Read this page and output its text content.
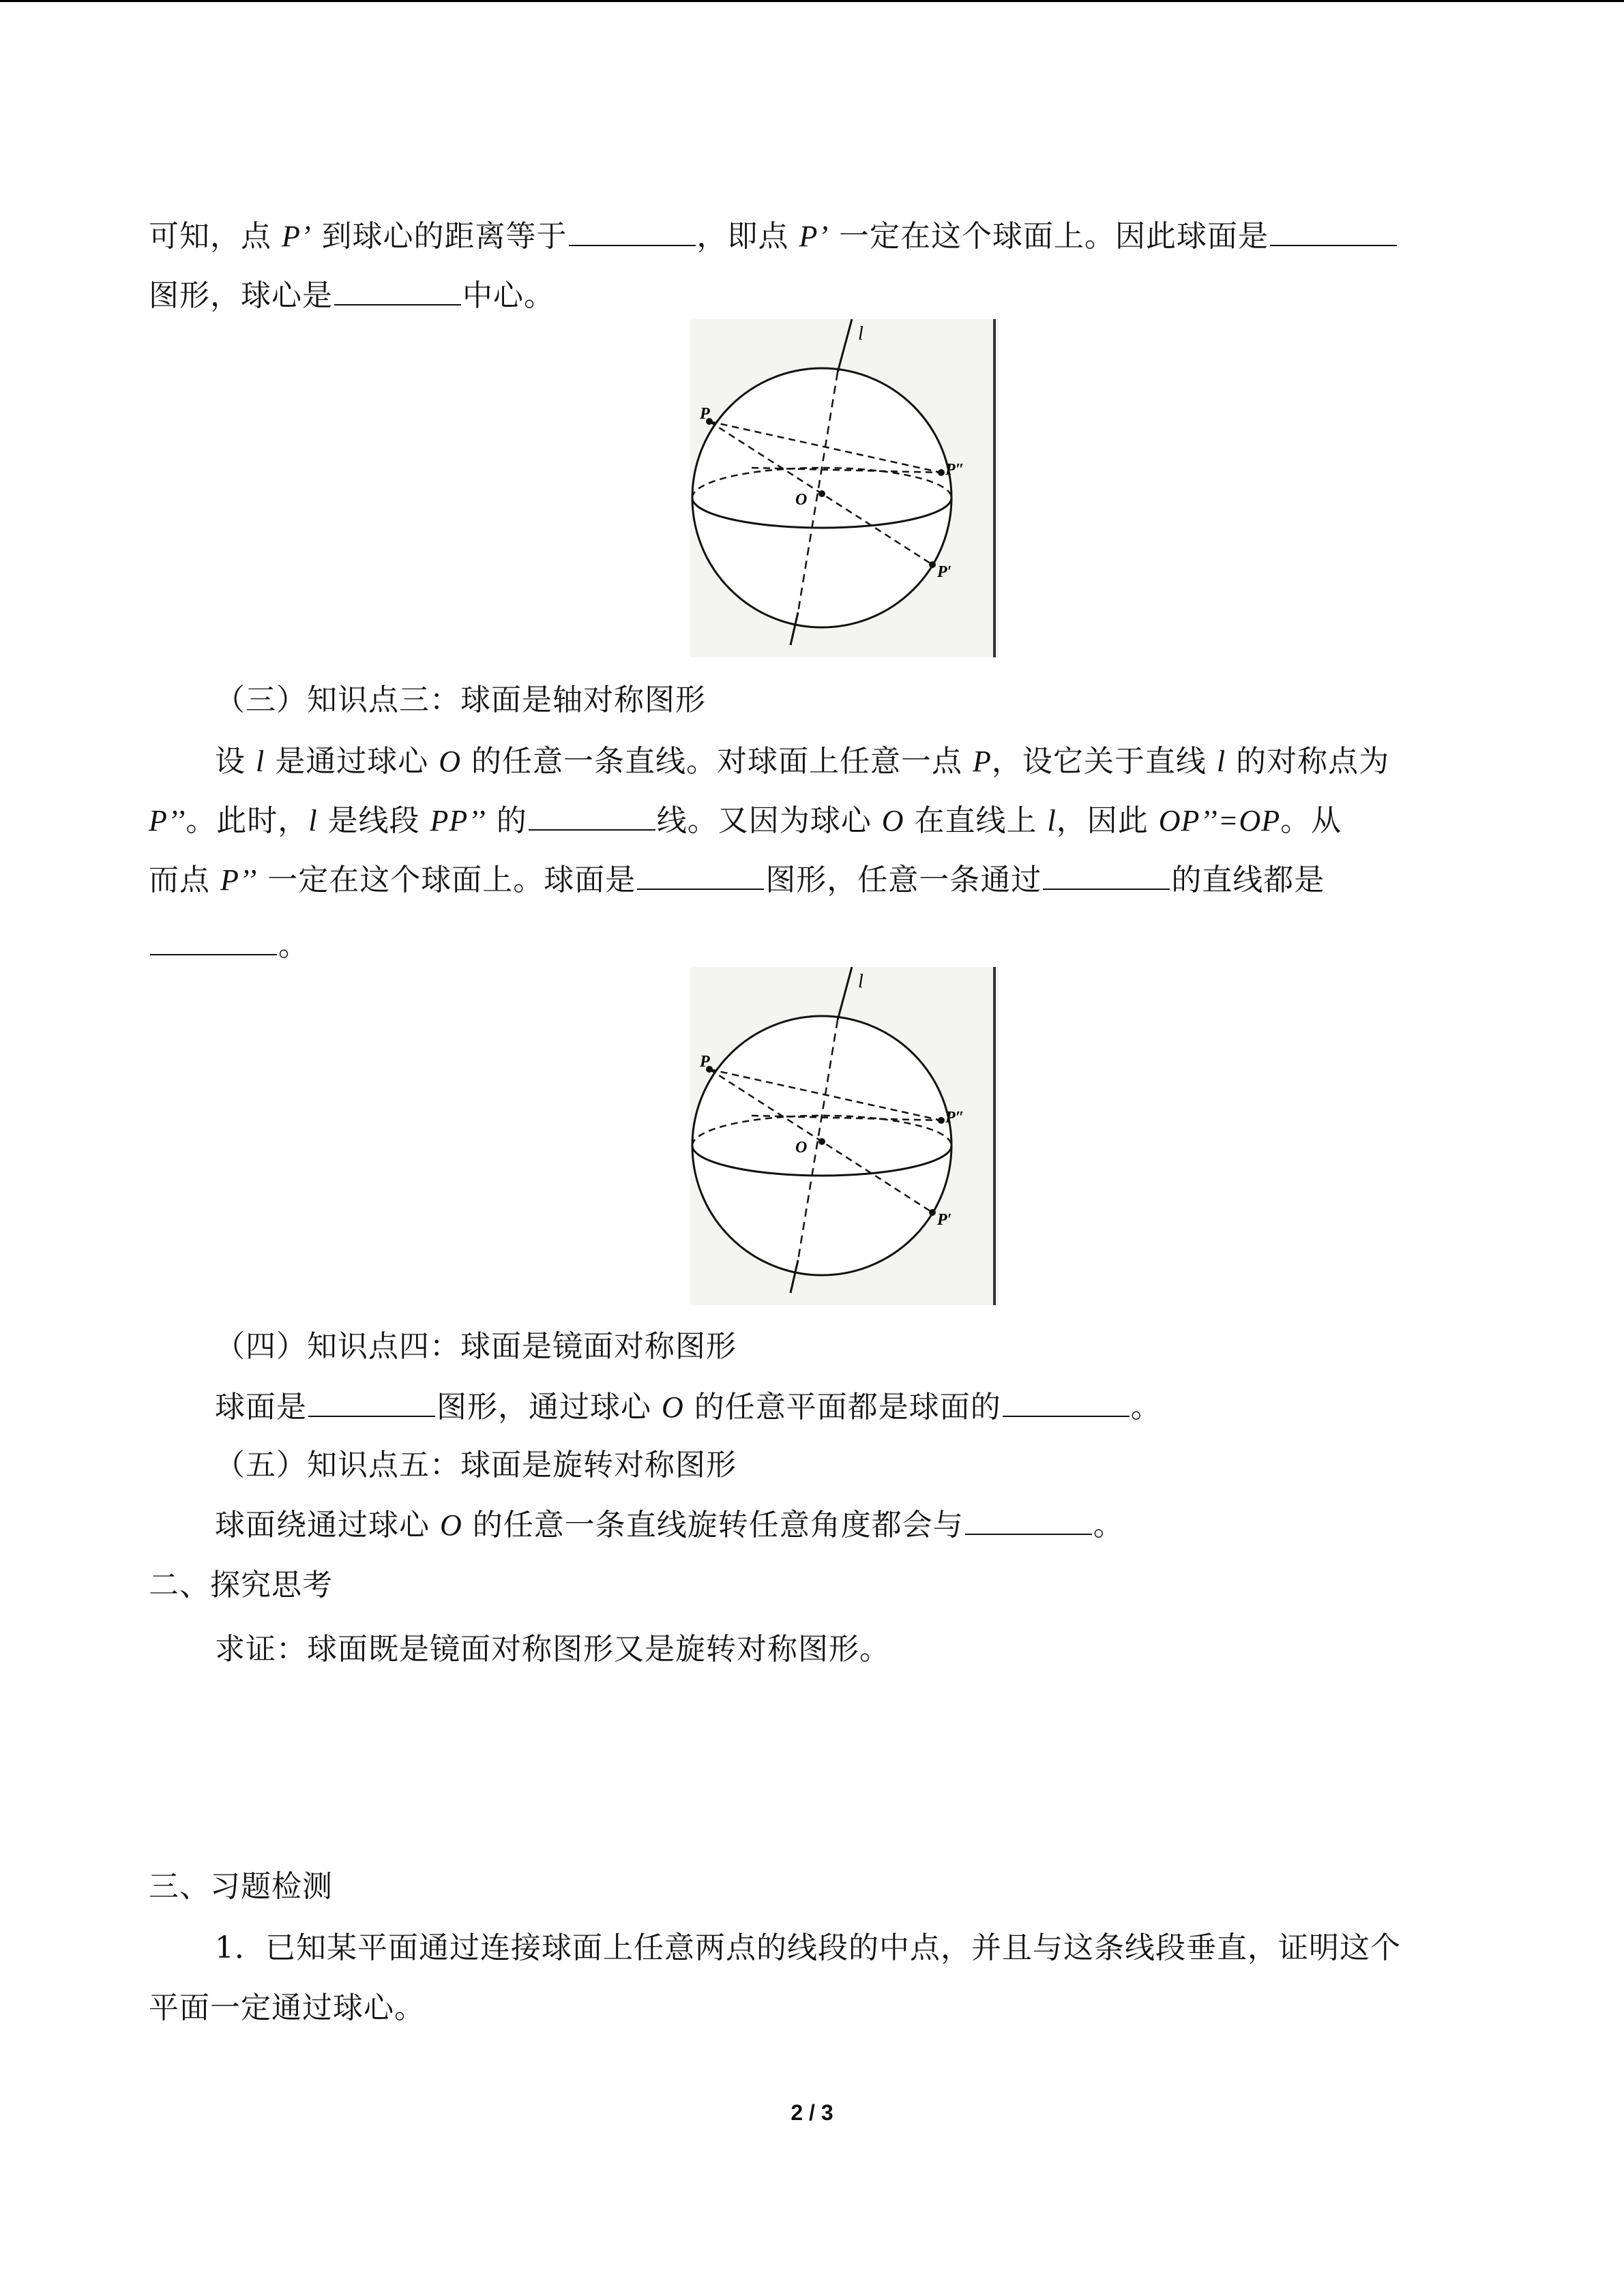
可知，点 P’ 到球心的距离等于	，即点 P’ 一定在这个球面上。因此球面是
图形，球心是	中心。
l
P
P″
O
P′
（三）知识点三：球面是轴对称图形
设 l 是通过球心 O 的任意一条直线。对球面上任意一点 P，设它关于直线 l 的对称点为
P’’。此时，l 是线段 PP’’ 的	线。又因为球心 O 在直线上 l，因此 OP’’=OP。从
而点 P’’ 一定在这个球面上。球面是	图形，任意一条通过	的直线都是
。
l
P
P″
O
P′
（四）知识点四：球面是镜面对称图形
球面是	图形，通过球心 O 的任意平面都是球面的	。
（五）知识点五：球面是旋转对称图形
球面绕通过球心 O 的任意一条直线旋转任意角度都会与	。
二、探究思考
求证：球面既是镜面对称图形又是旋转对称图形。
三、习题检测
1．已知某平面通过连接球面上任意两点的线段的中点，并且与这条线段垂直，证明这个
平面一定通过球心。
2 / 3
